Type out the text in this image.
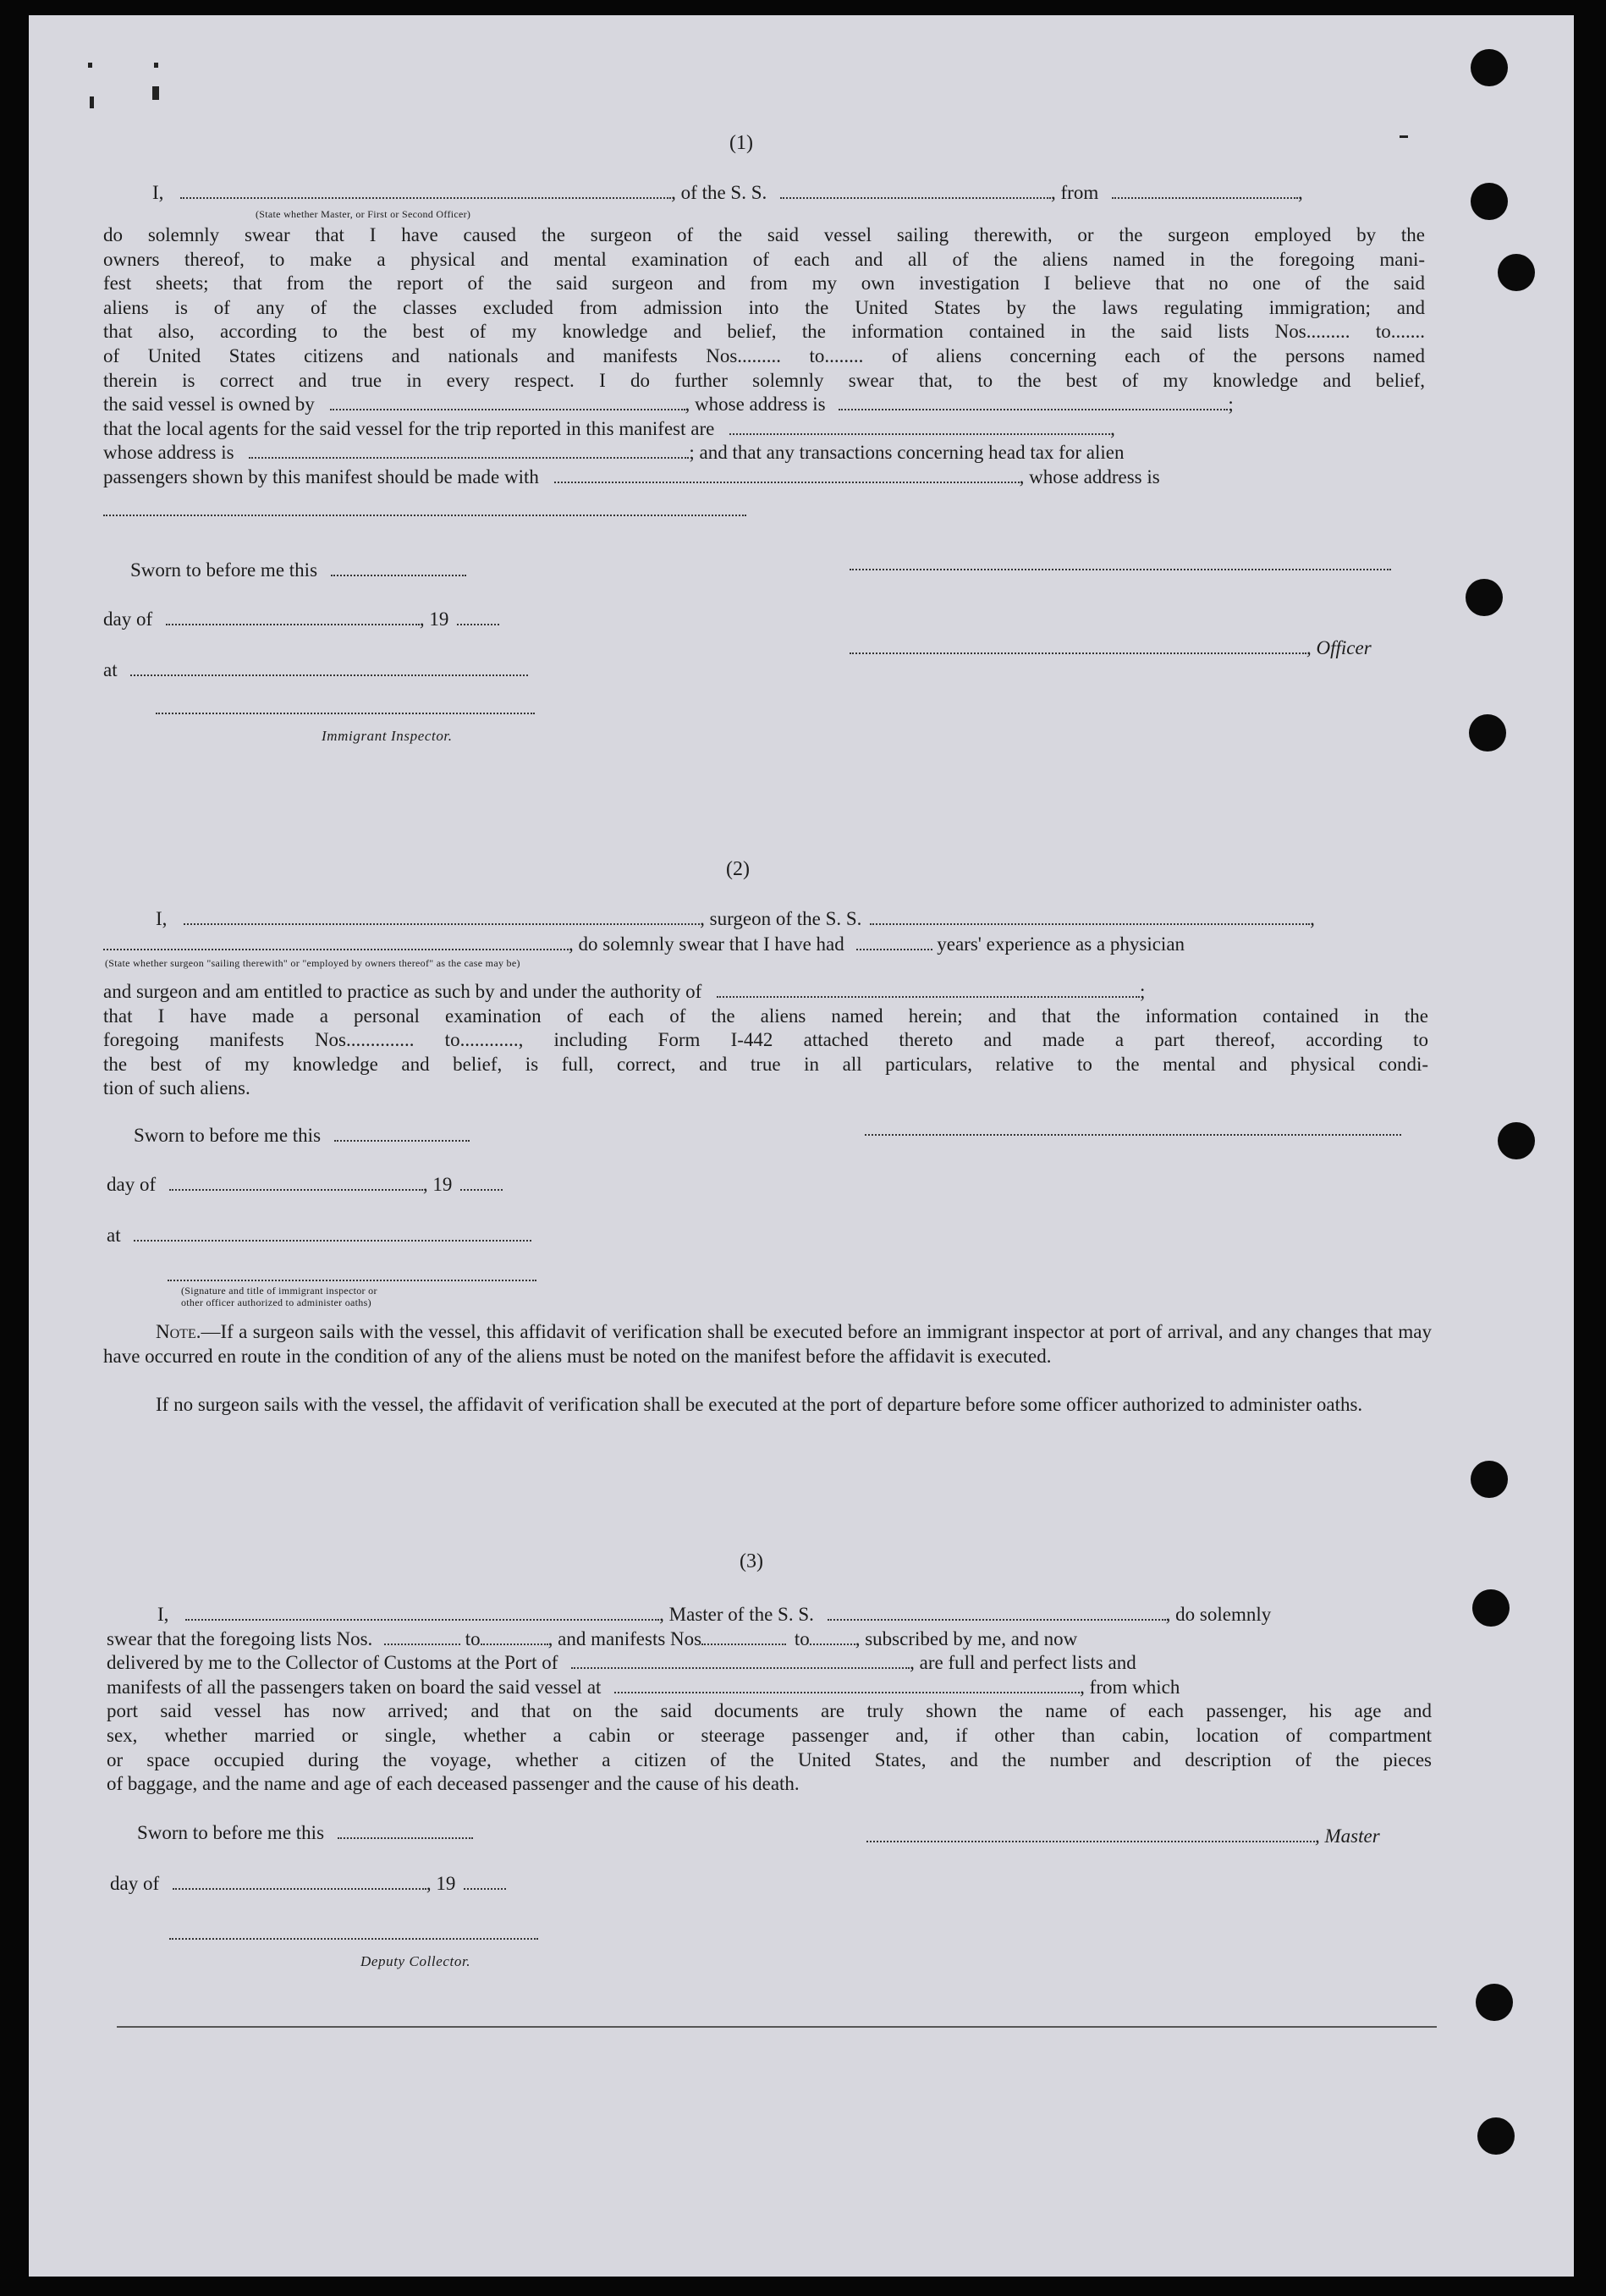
(1)
I,	, of the S. S.	, from	,
(State whether Master, or First or Second Officer)
do solemnly swear that I have caused the surgeon of the said vessel sailing therewith, or the surgeon employed by the
owners thereof, to make a physical and mental examination of each and all of the aliens named in the foregoing mani-
fest sheets; that from the report of the said surgeon and from my own investigation I believe that no one of the said
aliens is of any of the classes excluded from admission into the United States by the laws regulating immigration; and
that also, according to the best of my knowledge and belief, the information contained in the said lists Nos......... to.......
of United States citizens and nationals and manifests Nos......... to........ of aliens concerning each of the persons named
therein is correct and true in every respect. I do further solemnly swear that, to the best of my knowledge and belief,
the said vessel is owned by	, whose address is	;
that the local agents for the said vessel for the trip reported in this manifest are	,
whose address is	; and that any transactions concerning head tax for alien
passengers shown by this manifest should be made with	, whose address is
Sworn to before me this
day of	, 19
, Officer
at
Immigrant Inspector.
(2)
I,	, surgeon of the S. S.	,
, do solemnly swear that I have had	years' experience as a physician
(State whether surgeon "sailing therewith" or "employed by owners thereof" as the case may be)
and surgeon and am entitled to practice as such by and under the authority of	;
that I have made a personal examination of each of the aliens named herein; and that the information contained in the
foregoing manifests Nos.............. to............, including Form I-442 attached thereto and made a part thereof, according to
the best of my knowledge and belief, is full, correct, and true in all particulars, relative to the mental and physical condi-
tion of such aliens.
Sworn to before me this
day of	, 19
at
(Signature and title of immigrant inspector or
other officer authorized to administer oaths)
Note.—If a surgeon sails with the vessel, this affidavit of verification shall be executed before an immigrant inspector at port of arrival, and any changes that may have occurred en route in the condition of any of the aliens must be noted on the manifest before the affidavit is executed.
If no surgeon sails with the vessel, the affidavit of verification shall be executed at the port of departure before some officer authorized to administer oaths.
(3)
I,	, Master of the S. S.	, do solemnly
swear that the foregoing lists Nos.	to	, and manifests Nos	to , subscribed by me, and now
delivered by me to the Collector of Customs at the Port of	, are full and perfect lists and
manifests of all the passengers taken on board the said vessel at	, from which
port said vessel has now arrived; and that on the said documents are truly shown the name of each passenger, his age and
sex, whether married or single, whether a cabin or steerage passenger and, if other than cabin, location of compartment
or space occupied during the voyage, whether a citizen of the United States, and the number and description of the pieces
of baggage, and the name and age of each deceased passenger and the cause of his death.
Sworn to before me this	, Master
day of	, 19
Deputy Collector.
